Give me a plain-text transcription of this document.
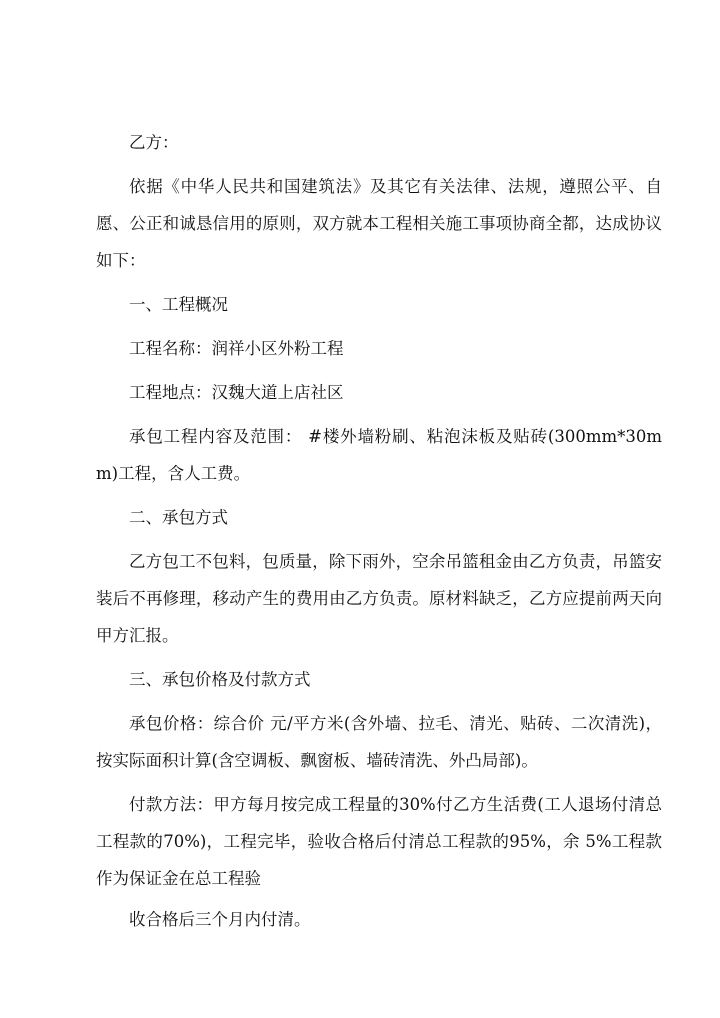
乙方：

依据《中华人民共和国建筑法》及其它有关法律、法规，遵照公平、自愿、公正和诚恳信用的原则，双方就本工程相关施工事项协商全都，达成协议如下：

一、工程概况

工程名称：润祥小区外粉工程

工程地点：汉魏大道上店社区

承包工程内容及范围： #楼外墙粉刷、粘泡沫板及贴砖(300mm*30mm)工程，含人工费。

二、承包方式

乙方包工不包料，包质量，除下雨外，空余吊篮租金由乙方负责，吊篮安装后不再修理，移动产生的费用由乙方负责。原材料缺乏，乙方应提前两天向甲方汇报。

三、承包价格及付款方式

承包价格：综合价 元/平方米(含外墙、拉毛、清光、贴砖、二次清洗)，按实际面积计算(含空调板、飘窗板、墙砖清洗、外凸局部)。

付款方法：甲方每月按完成工程量的30%付乙方生活费(工人退场付清总工程款的70%)，工程完毕，验收合格后付清总工程款的95%，余 5%工程款作为保证金在总工程验

收合格后三个月内付清。
